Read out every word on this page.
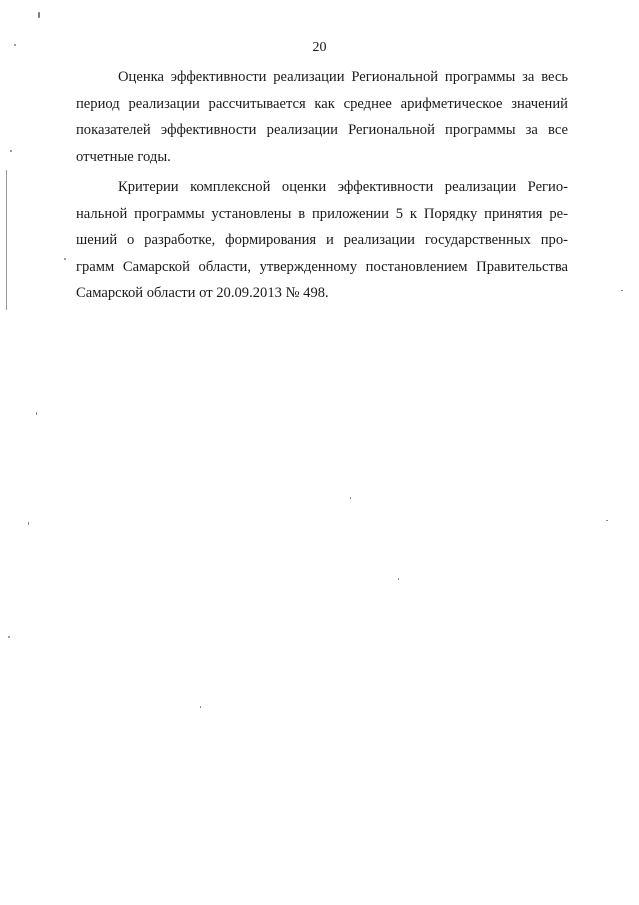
20
Оценка эффективности реализации Региональной программы за весь
период реализации рассчитывается как среднее арифметическое значений
показателей эффективности реализации Региональной программы за все
отчетные годы.
Критерии комплексной оценки эффективности реализации Регио-
нальной программы установлены в приложении 5 к Порядку принятия ре-
шений о разработке, формирования и реализации государственных про-
грамм Самарской области, утвержденному постановлением Правительства
Самарской области от 20.09.2013 № 498.
